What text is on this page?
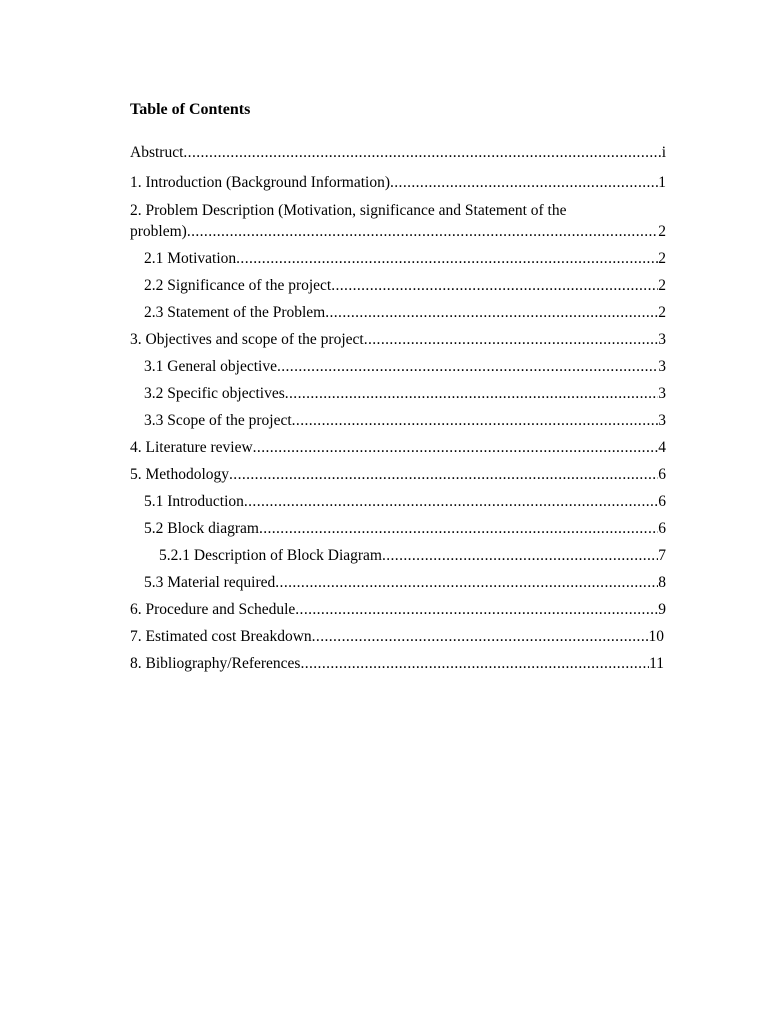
Table of Contents
Abstruct .....	i
1. Introduction (Background Information) .....	1
2. Problem Description (Motivation, significance and Statement of the
problem) .....	2
2.1 Motivation .....	2
2.2 Significance of the project .....	2
2.3 Statement of the Problem .....	2
3. Objectives and scope of the project .....	3
3.1 General objective .....	3
3.2 Specific objectives .....	3
3.3 Scope of the project .....	3
4. Literature review .....	4
5. Methodology .....	6
5.1 Introduction .....	6
5.2 Block diagram .....	6
5.2.1 Description of Block Diagram .....	7
5.3 Material required .....	8
6. Procedure and Schedule .....	9
7. Estimated cost Breakdown .....	10
8. Bibliography/References .....	11
